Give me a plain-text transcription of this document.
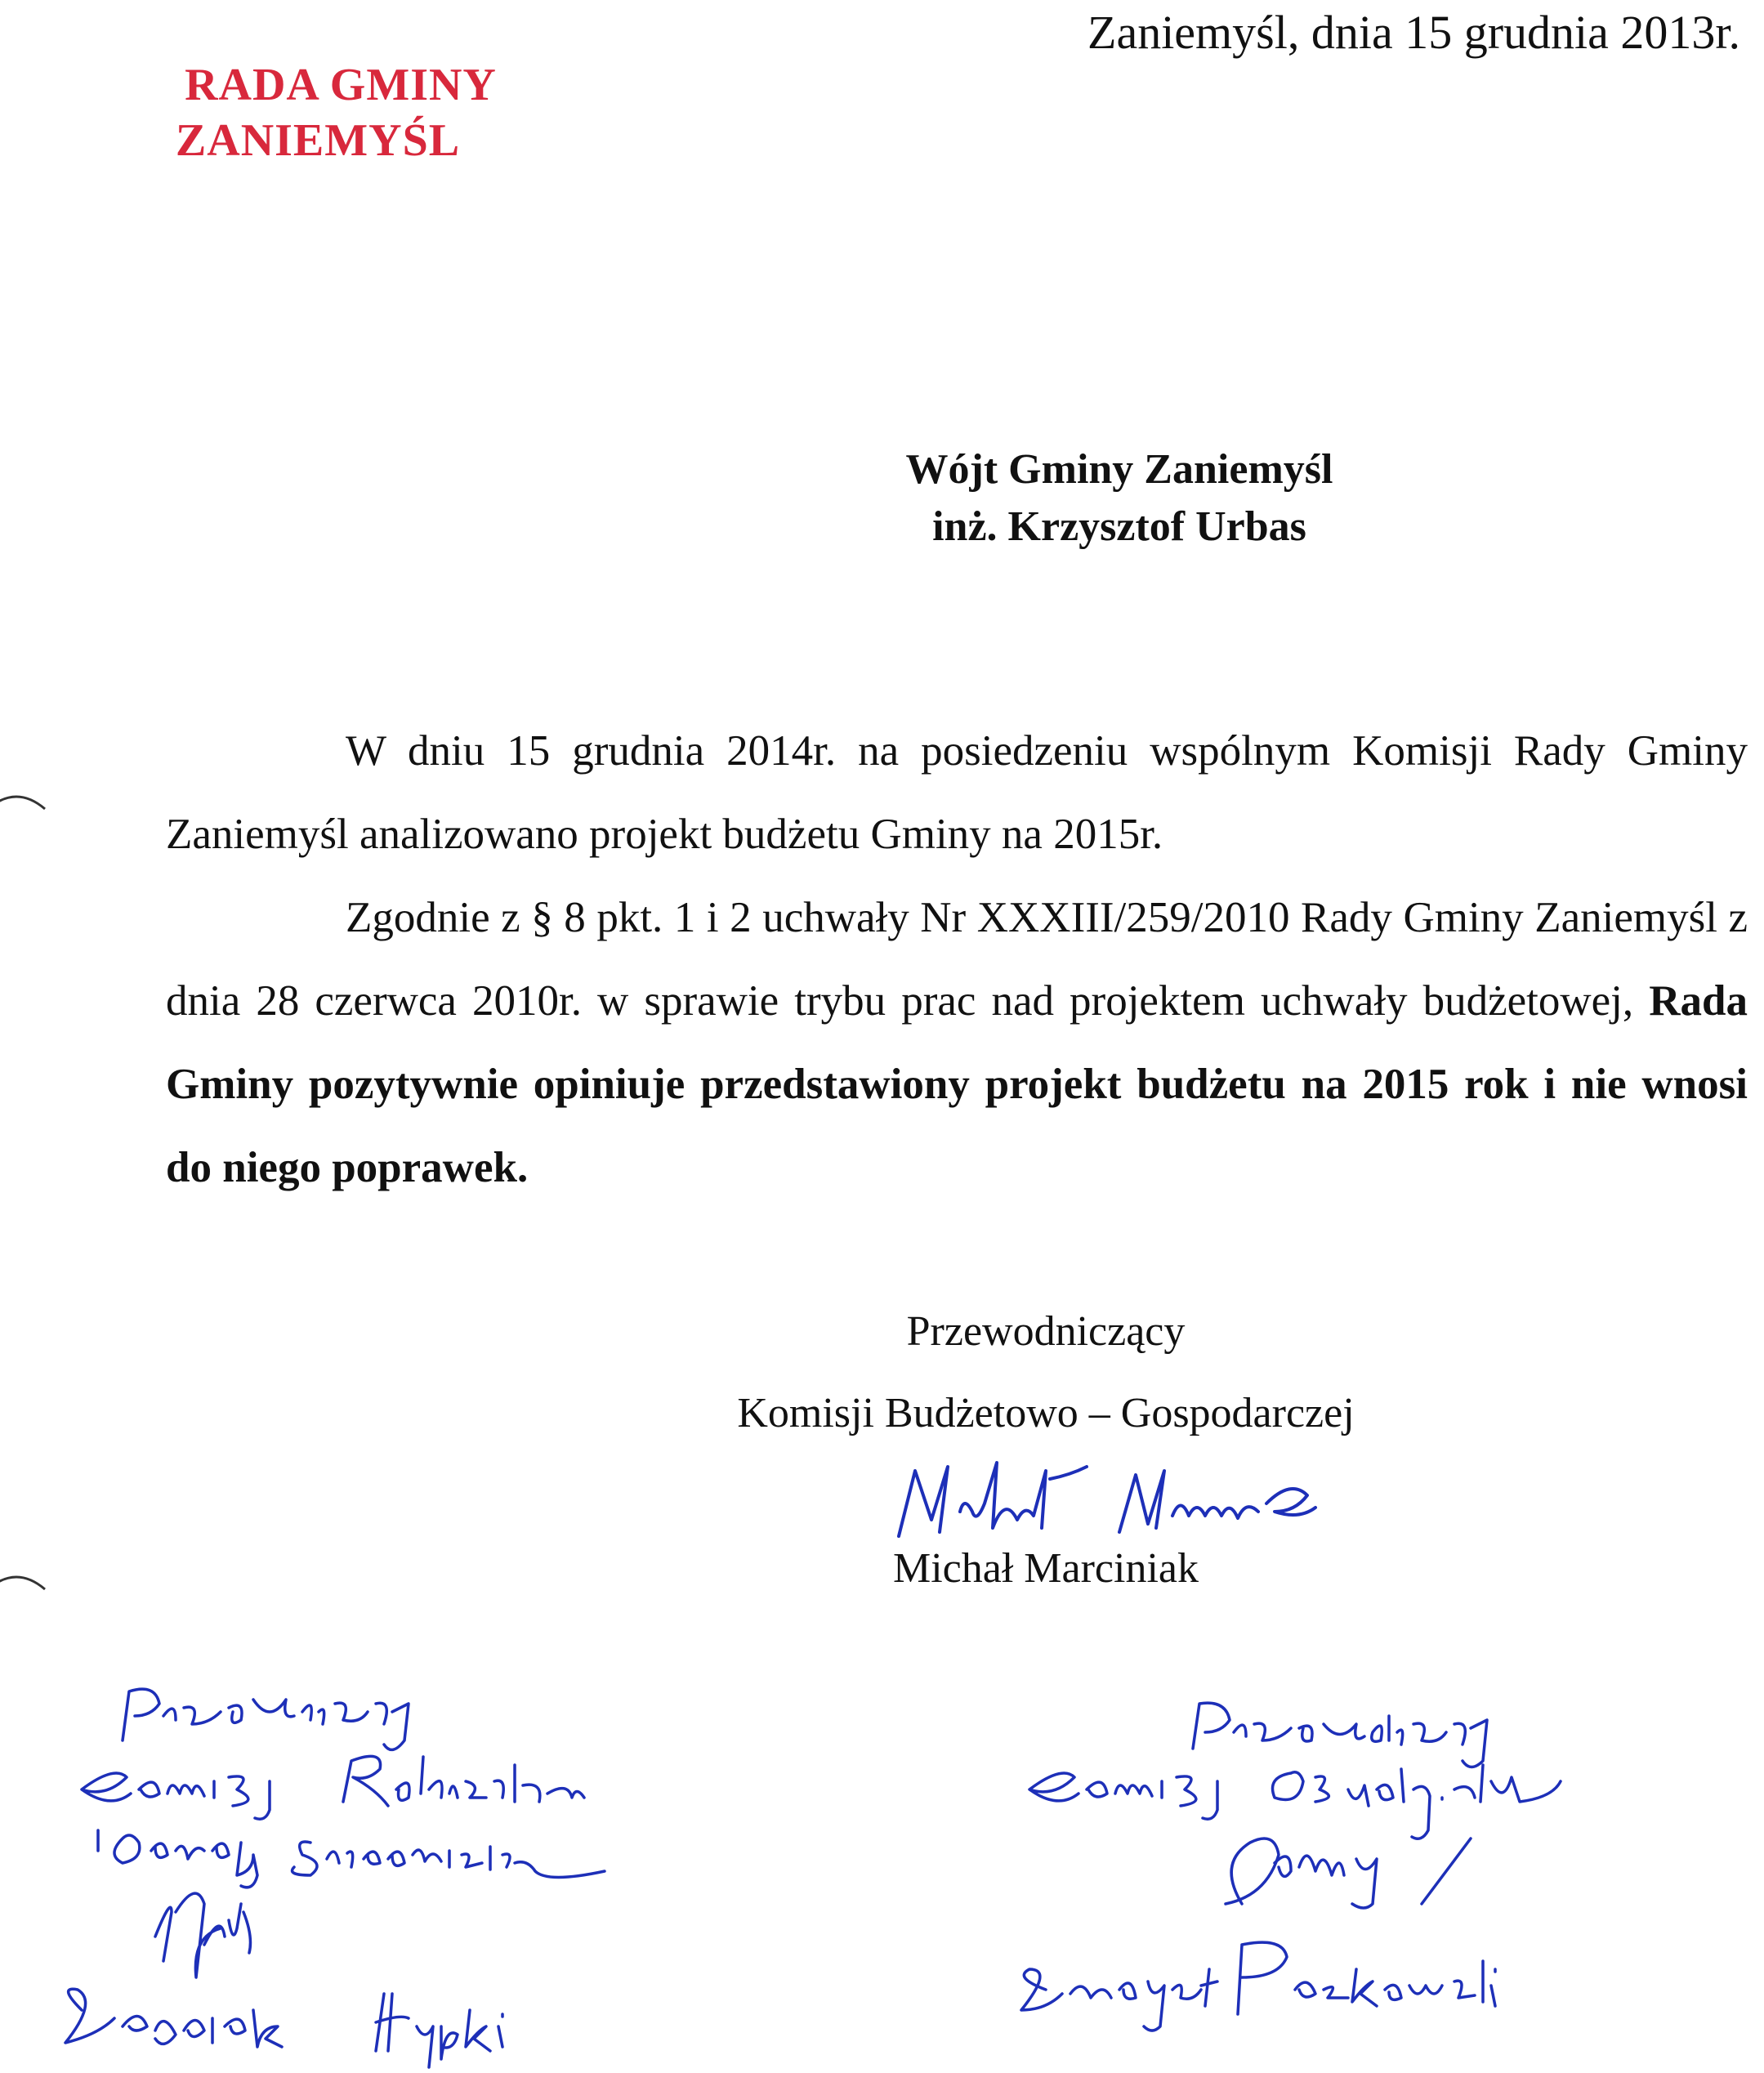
RADA GMINY
ZANIEMYŚL
Zaniemyśl, dnia 15 grudnia 2013r.
Wójt Gminy Zaniemyśl
inż. Krzysztof Urbas

W dniu 15 grudnia 2014r. na posiedzeniu wspólnym Komisji Rady Gminy Zaniemyśl analizowano projekt budżetu Gminy na 2015r.

Zgodnie z § 8 pkt. 1 i 2 uchwały Nr XXXIII/259/2010 Rady Gminy Zaniemyśl z dnia 28 czerwca 2010r. w sprawie trybu prac nad projektem uchwały budżetowej, Rada Gminy pozytywnie opiniuje przedstawiony projekt budżetu na 2015 rok i nie wnosi do niego poprawek.

Przewodniczący
Komisji Budżetowo – Gospodarczej
Michał Marciniak
